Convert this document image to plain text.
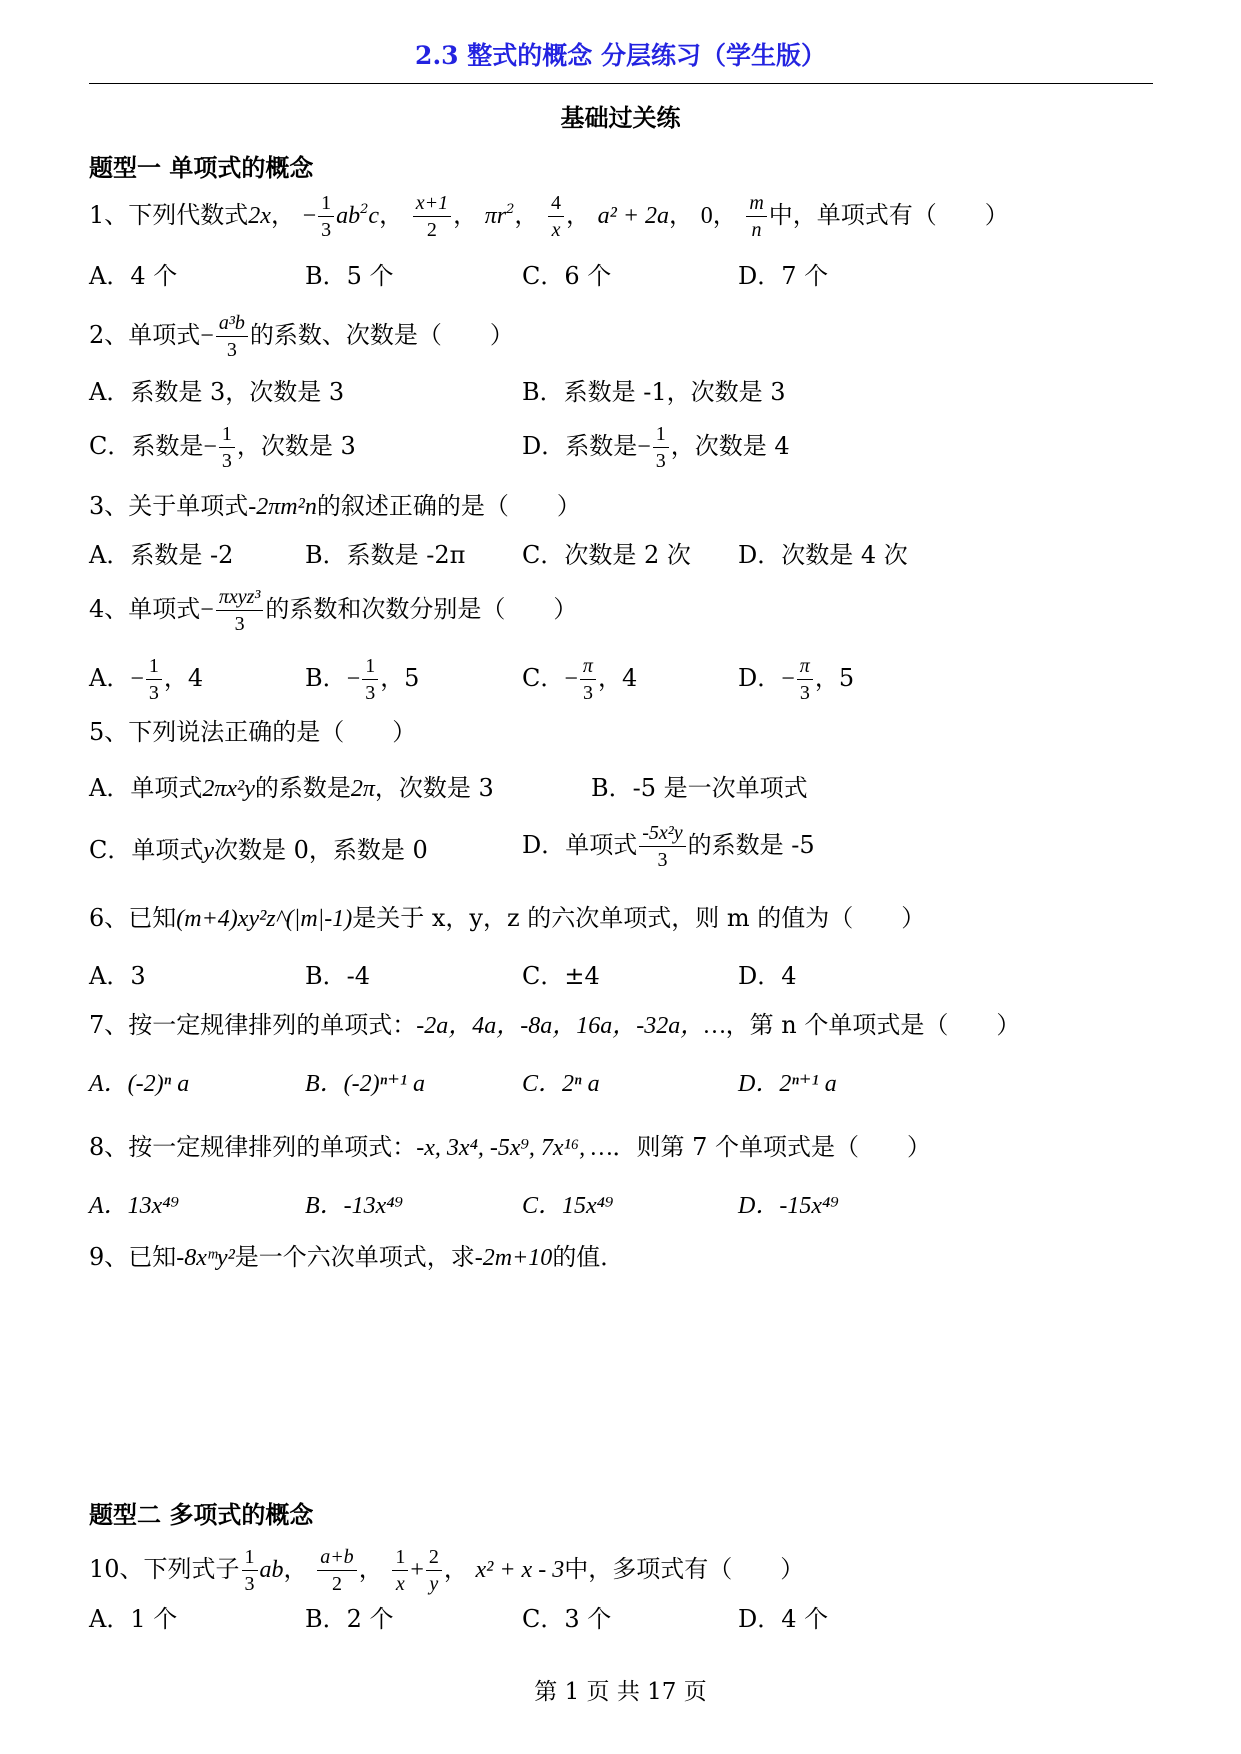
2.3 整式的概念 分层练习（学生版）
基础过关练
题型一 单项式的概念
1、下列代数式2x， − $\frac{1}{3} ab^2c$， $\frac{x+1}{2}$ ， $\pi r^2$， $\frac{4}{x}$ ， a² + 2a， 0， $\frac{m}{n}$ 中，单项式有（　　）
A．4 个	B．5 个	C．6 个	D．7 个
2、单项式− $\frac{\text{a³b}}{3}$ 的系数、次数是（　　）
A．系数是 3，次数是 3	B．系数是 -1，次数是 3
C．系数是− $\frac{1}{3}$ ，次数是 3	D．系数是− $\frac{1}{3}$ ，次数是 4
3、关于单项式-2πm²n的叙述正确的是（　　）
A．系数是 -2	B．系数是 -2π C．次数是 2 次 D．次数是 4 次
4、单项式− $\frac{\text{πxyz³}}{3}$ 的系数和次数分别是（　　）
A．− $\frac{1}{3}$ ，4	B．− $\frac{1}{3}$ ，5	C．− $\frac{\pi}{3}$ ，4	D．− $\frac{\pi}{3}$ ，5
5、下列说法正确的是（　　）
A．单项式2πx²y的系数是2π，次数是 3	B．-5 是一次单项式
C．单项式y次数是 0，系数是 0	D．单项式 $\frac{\text{-5x²y}}{3}$ 的系数是 -5
6、已知(m+4)xy²z^(|m|-1)是关于 x，y，z 的六次单项式，则 m 的值为（　　）
A．3	B．-4	C．±4	D．4
7、按一定规律排列的单项式：-2a，4a，-8a，16a，-32a，…，第 n 个单项式是（　　）
A．(-2)ⁿ a	B．(-2)ⁿ⁺¹ a	C．2ⁿ a	D．2ⁿ⁺¹ a
8、按一定规律排列的单项式：-x, 3x⁴, -5x⁹, 7x¹⁶, …．则第 7 个单项式是（　　）
A．13x⁴⁹	B．-13x⁴⁹	C．15x⁴⁹	D．-15x⁴⁹
9、已知-8xᵐy²是一个六次单项式，求-2m+10的值．
题型二 多项式的概念
10、下列式子 $\frac{1}{3}$ ab， $\frac{a+b}{2}$ ， $\frac{1}{x} + \frac{2}{y}$ ， x² + x - 3中，多项式有（　　）
A．1 个	B．2 个	C．3 个	D．4 个
第 1 页 共 17 页
